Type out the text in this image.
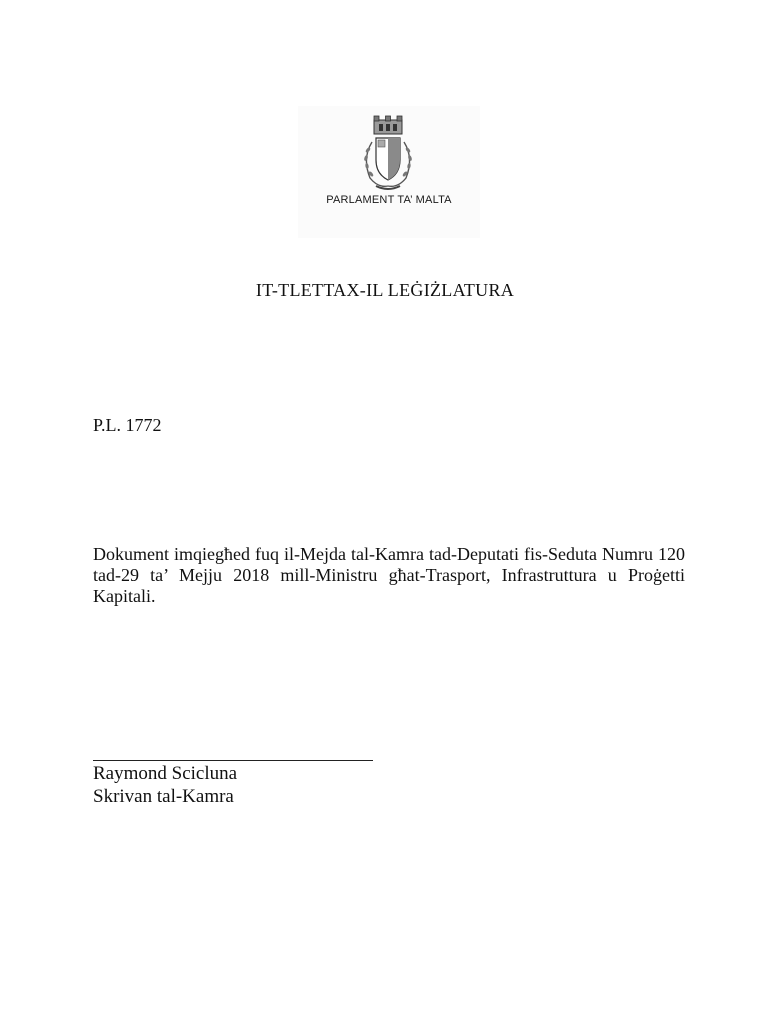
PARLAMENT TA’ MALTA
IT-TLETTAX-IL LEĠIŻLATURA
P.L. 1772
Dokument imqiegħed fuq il-Mejda tal-Kamra tad-Deputati fis-Seduta Numru 120 tad-29 ta’ Mejju 2018 mill-Ministru għat-Trasport, Infrastruttura u Proġetti Kapitali.
Raymond Scicluna
Skrivan tal-Kamra
